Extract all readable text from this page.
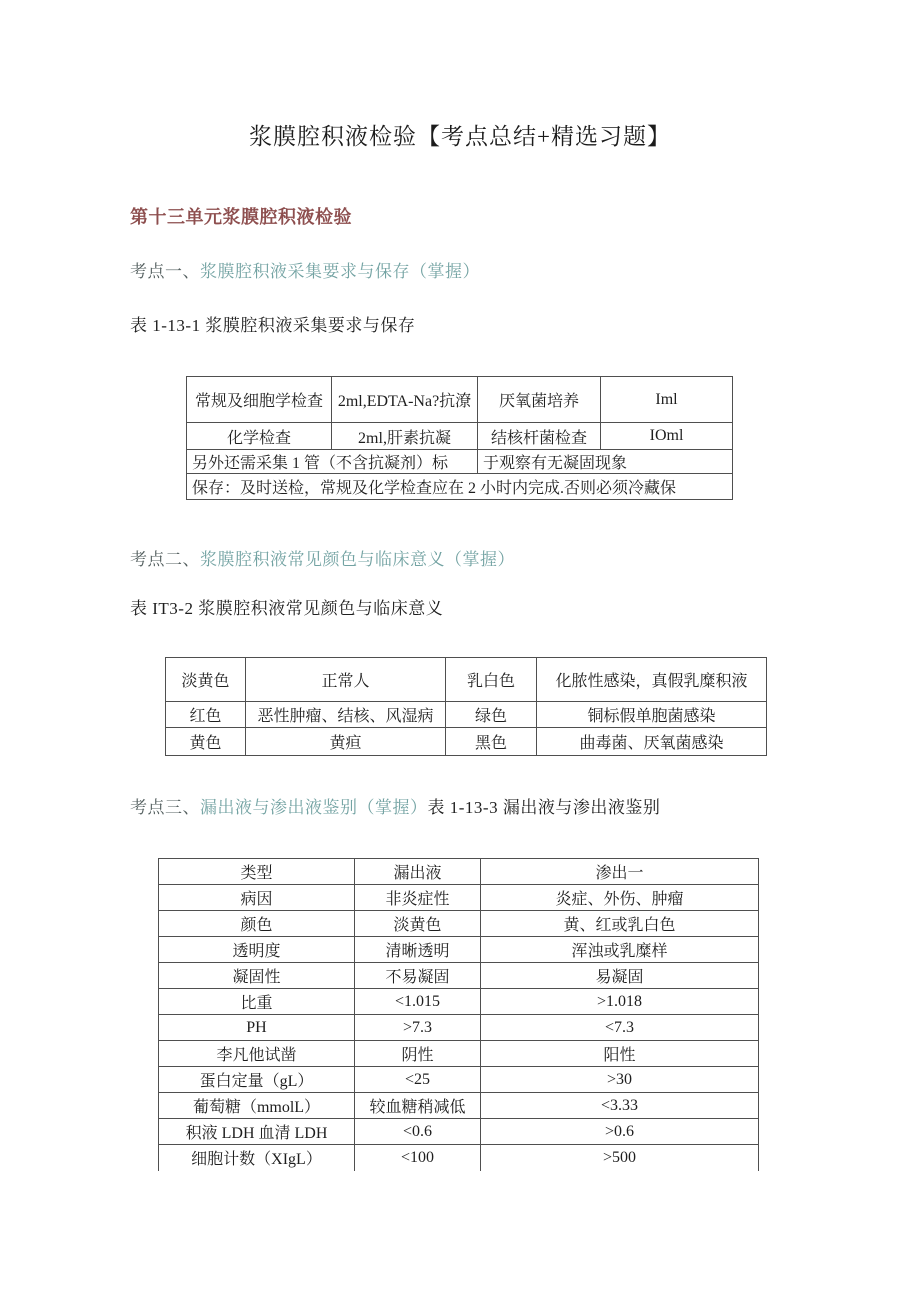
浆膜腔积液检验【考点总结+精选习题】
第十三单元浆膜腔积液检验
考点一、浆膜腔积液采集要求与保存（掌握）
表 1-13-1 浆膜腔积液采集要求与保存
常规及细胞学检查	2ml,EDTA-Na?抗潦	厌氧菌培养	Iml
化学检查	2ml,肝素抗凝	结核杆菌检查	IOml
另外还需采集 1 管（不含抗凝剂）标		于观察有无凝固现象	
保存：及时送检，常规及化学检查应在 2 小时内完成.否则必须冷藏保			
考点二、浆膜腔积液常见颜色与临床意义（掌握）
表 IT3-2 浆膜腔积液常见颜色与临床意义
淡黄色	正常人	乳白色	化脓性感染，真假乳糜积液
红色	恶性肿瘤、结核、风湿病	绿色	铜标假单胞菌感染
黄色	黄疸	黑色	曲毒菌、厌氧菌感染
考点三、漏出液与渗出液鉴别（掌握）表 1-13-3 漏出液与渗出液鉴别
类型	漏出液	渗出一
病因	非炎症性	炎症、外伤、肿瘤
颜色	淡黄色	黄、红或乳白色
透明度	清晰透明	浑浊或乳糜样
凝固性	不易凝固	易凝固
比重	<1.015	>1.018
PH	>7.3	<7.3
李凡他试凿	阴性	阳性
蛋白定量（gL）	<25	>30
葡萄糖（mmolL）	较血糖稍减低	<3.33
积液 LDH 血清 LDH	<0.6	>0.6
细胞计数（XIgL）	<100	>500
